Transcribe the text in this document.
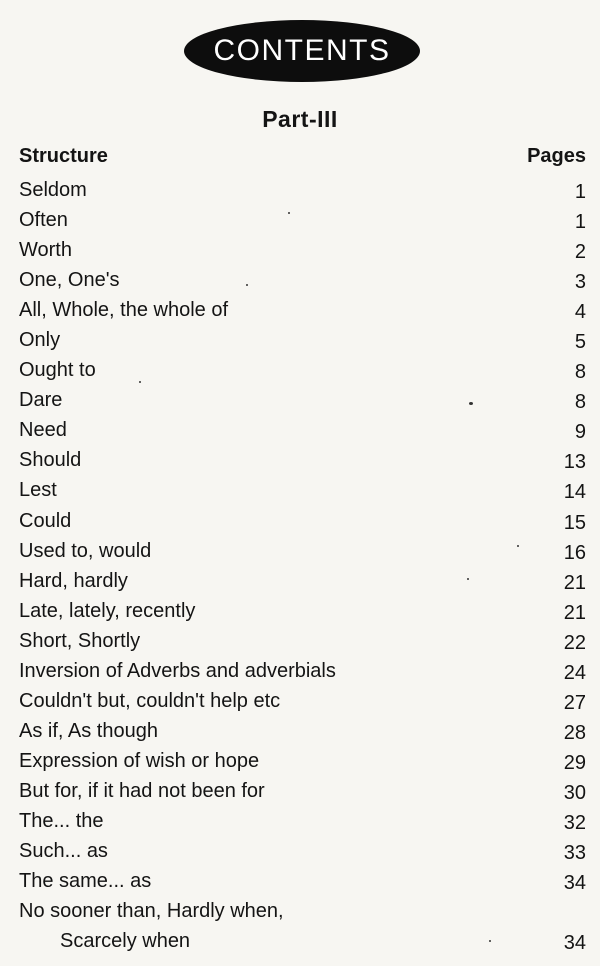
CONTENTS
Part-III
Structure	Pages
Seldom	1
Often	1
Worth	2
One, One's	3
All, Whole, the whole of	4
Only	5
Ought to	8
Dare	8
Need	9
Should	13
Lest	14
Could	15
Used to, would	16
Hard, hardly	21
Late, lately, recently	21
Short, Shortly	22
Inversion of Adverbs and adverbials	24
Couldn't but, couldn't help etc	27
As if, As though	28
Expression of wish or hope	29
But for, if it had not been for	30
The... the	32
Such... as	33
The same... as	34
No sooner than, Hardly when,
Scarcely when	34
